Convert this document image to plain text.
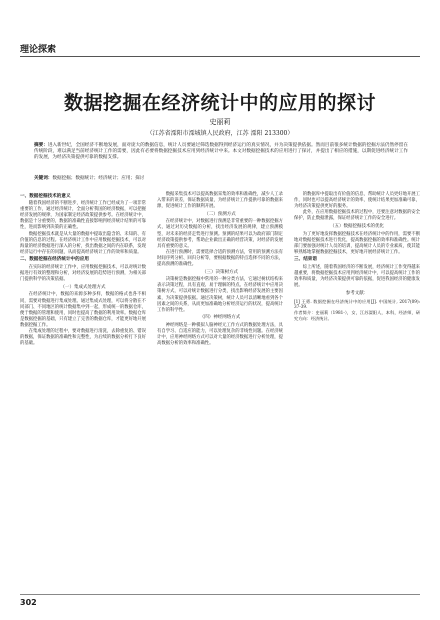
理论探索
数据挖掘在经济统计中的应用的探讨
史丽莉
（江苏省溧阳市溧城镇人民政府，江苏 溧阳 213300）
摘要：进入新世纪，全国经济不断地发展，面对庞大的数据信息，统计人员要通过筛选数据得到经济运行的真实情况，并为决策提供依据。然而目前很多统计数据的挖掘方法仍然停留在传统阶段，难以满足当前经济统计工作的需要，因此有必要将数据挖掘技术应用到经济统计中来。本文对数据挖掘技术的应用进行了探讨，并提出了相应的措施，以期促进经济统计工作的发展，为经济决策提供可靠的数据支撑。
关键词：数据挖掘；数据统计；经济统计；应用；探讨
一、数据挖掘技术的意义

随着我国经济的不断进步，经济统计工作已经成为了一项非常重要的工作，通过经济统计，全面分析我国的经济数据，可以把握经济发展的规律，为国家制定经济政策提供参考。在经济统计中，数据是十分重要的，数据的准确性直接影响到经济统计结果的可靠性，进而影响到决策的正确性。

数据挖掘技术就是从大量的数据中提取出隐含的、未知的、有价值的信息的过程。在经济统计工作中应用数据挖掘技术，可以对海量的经济数据进行深入的分析，找出数据之间的内在联系，发现经济运行中存在的问题，从而提高经济统计工作的效率和质量。

二、数据挖掘在经济统计中的应用

在实际的经济统计工作中，应用数据挖掘技术，可以对统计数据进行有效的整理和分析，对经济发展的趋势进行预测，为相关部门提供科学的决策依据。

（一）集成式处理方式

在经济统计中，数据的来源多种多样，数据的格式也各不相同，需要对数据进行集成处理。通过集成式处理，可以将分散在不同部门、不同地区的统计数据集中到一起，形成统一的数据仓库，便于数据的管理和使用，同时也提高了数据的利用效率。数据仓库是数据挖掘的基础，只有建立了完善的数据仓库，才能更好地开展数据挖掘工作。

在集成处理的过程中，要对数据进行清洗，去除重复的、错误的数据，保证数据的准确性和完整性，为后续的数据分析打下良好的基础。

数据采集技术可以提高数据采集的效率和准确性，减少人工录入带来的误差，保证数据质量，为经济统计工作提供可靠的数据来源，促进统计工作的顺利开展。

（二）预测方式

在经济统计中，对数据进行预测是非常重要的一种数据挖掘方式，通过对历史数据的分析，找出经济发展的规律，建立预测模型，对未来的经济走势进行预测。预测的结果可以为政府部门制定经济政策提供参考，帮助企业做出正确的经营决策，对经济的发展具有重要的意义。

在进行预测时，需要选择合适的预测方法，常用的预测方法有时间序列分析、回归分析等，要根据数据的特点选择不同的方法，提高预测的准确性。

（三）决策树方式

决策树是数据挖掘中常用的一种分类方法，它通过树状结构来表示决策过程，具有直观、易于理解的特点。在经济统计中应用决策树方式，可以对统计数据进行分类，找出影响经济发展的主要因素，为决策提供依据。通过决策树，统计人员可以清晰地看到各个因素之间的关系，从而更加准确地分析经济运行的状况，提高统计工作的科学性。

（四）神经网络方式

神经网络是一种模拟人脑神经元工作方式的数据处理方法，具有自学习、自适应的能力，可以处理复杂的非线性问题。在经济统计中，应用神经网络方式可以对大量的经济数据进行分析处理，提高数据分析的效率和准确性。

的数据库中提取出有价值的信息，帮助统计人员更好地开展工作，同时也可以提高经济统计的效率，使统计结果更加准确可靠，为经济决策提供更好的服务。

此外，在应用数据挖掘技术的过程中，还要注意对数据的安全保护，防止数据泄露，保证经济统计工作的安全进行。

（五）数据挖掘技术的优化

为了更好地发挥数据挖掘技术在经济统计中的作用，需要不断地对数据挖掘技术进行优化，提高数据挖掘的效率和准确性。统计部门要加强对统计人员的培训，提高统计人员的专业素质，使其能够熟练地掌握数据挖掘技术，更好地开展经济统计工作。

三、结束语

综上所述，随着我国经济的不断发展，经济统计工作变得越来越重要，将数据挖掘技术应用到经济统计中，可以提高统计工作的效率和质量，为经济决策提供可靠的依据，促进我国经济的健康发展。

参考文献：

[1] 王勇. 数据挖掘在经济统计中的应用[J]. 中国统计, 2017(09): 37-39.

作者简介：史丽莉（1981-），女，江苏溧阳人，本科，经济师，研究方向：经济统计。

302
